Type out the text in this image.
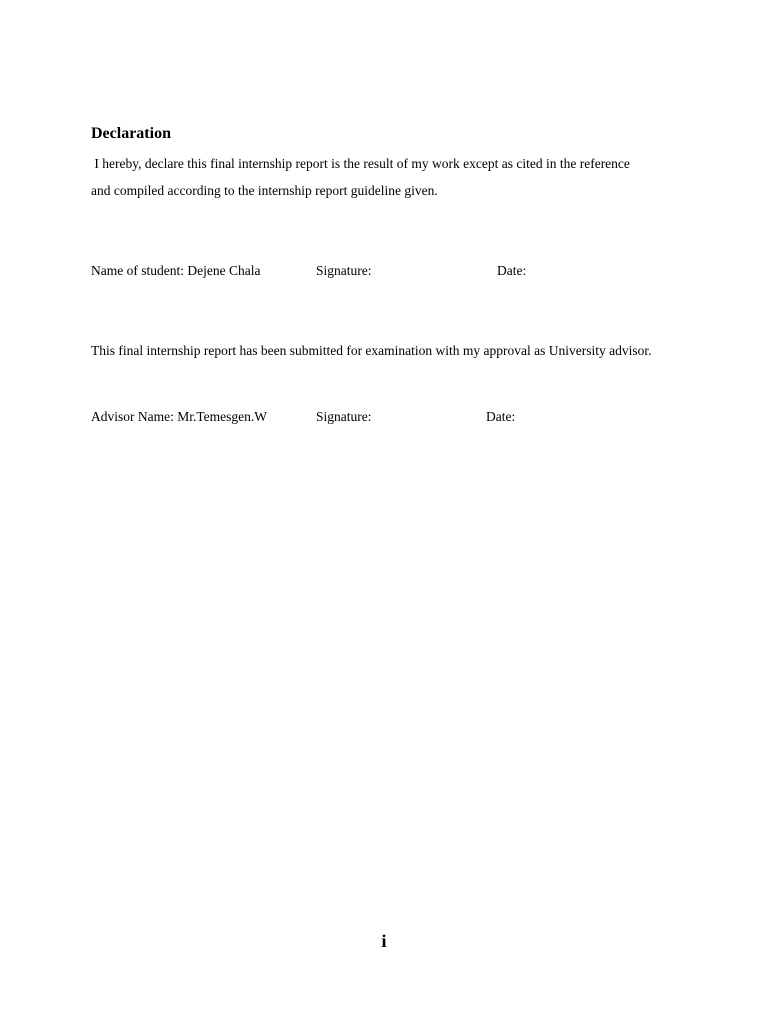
Declaration
I hereby, declare this final internship report is the result of my work except as cited in the reference
and compiled according to the internship report guideline given.
Name of student: Dejene Chala	Signature:	Date:

This final internship report has been submitted for examination with my approval as University advisor.

Advisor Name: Mr.Temesgen.W	Signature:	Date:
i
